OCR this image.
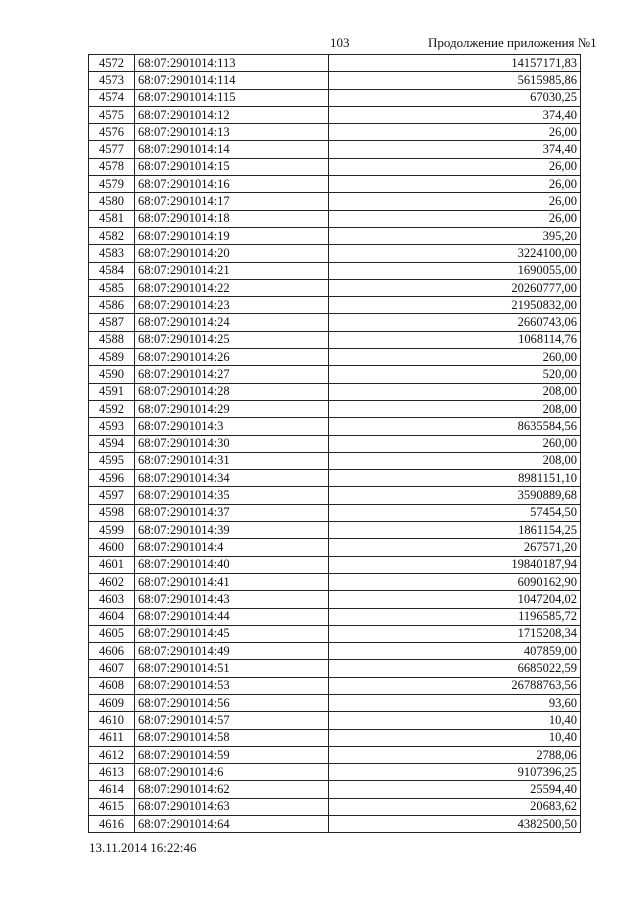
103	Продолжение приложения №1
4572	68:07:2901014:113	14157171,83
4573	68:07:2901014:114	5615985,86
4574	68:07:2901014:115	67030,25
4575	68:07:2901014:12	374,40
4576	68:07:2901014:13	26,00
4577	68:07:2901014:14	374,40
4578	68:07:2901014:15	26,00
4579	68:07:2901014:16	26,00
4580	68:07:2901014:17	26,00
4581	68:07:2901014:18	26,00
4582	68:07:2901014:19	395,20
4583	68:07:2901014:20	3224100,00
4584	68:07:2901014:21	1690055,00
4585	68:07:2901014:22	20260777,00
4586	68:07:2901014:23	21950832,00
4587	68:07:2901014:24	2660743,06
4588	68:07:2901014:25	1068114,76
4589	68:07:2901014:26	260,00
4590	68:07:2901014:27	520,00
4591	68:07:2901014:28	208,00
4592	68:07:2901014:29	208,00
4593	68:07:2901014:3	8635584,56
4594	68:07:2901014:30	260,00
4595	68:07:2901014:31	208,00
4596	68:07:2901014:34	8981151,10
4597	68:07:2901014:35	3590889,68
4598	68:07:2901014:37	57454,50
4599	68:07:2901014:39	1861154,25
4600	68:07:2901014:4	267571,20
4601	68:07:2901014:40	19840187,94
4602	68:07:2901014:41	6090162,90
4603	68:07:2901014:43	1047204,02
4604	68:07:2901014:44	1196585,72
4605	68:07:2901014:45	1715208,34
4606	68:07:2901014:49	407859,00
4607	68:07:2901014:51	6685022,59
4608	68:07:2901014:53	26788763,56
4609	68:07:2901014:56	93,60
4610	68:07:2901014:57	10,40
4611	68:07:2901014:58	10,40
4612	68:07:2901014:59	2788,06
4613	68:07:2901014:6	9107396,25
4614	68:07:2901014:62	25594,40
4615	68:07:2901014:63	20683,62
4616	68:07:2901014:64	4382500,50
13.11.2014 16:22:46
